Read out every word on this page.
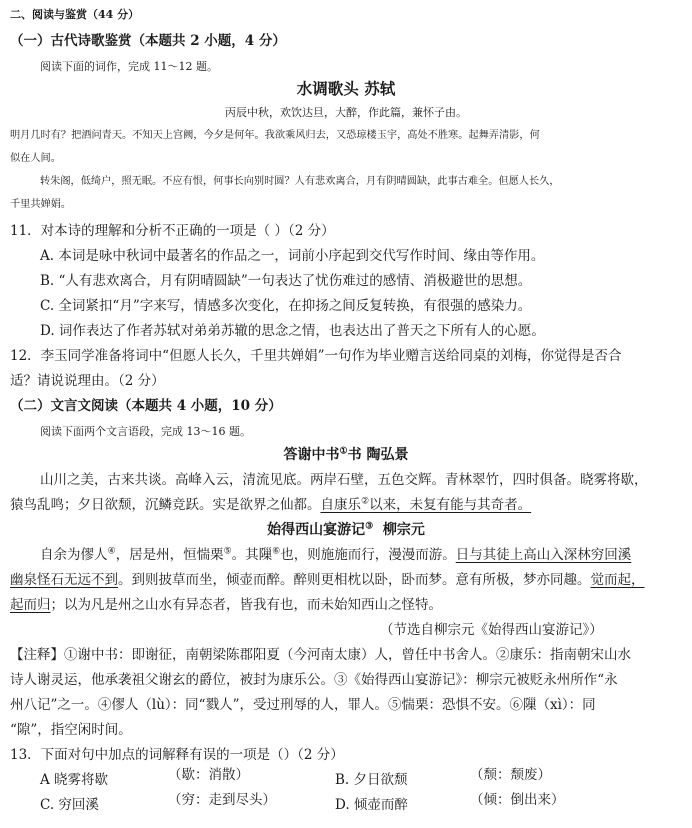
二、阅读与鉴赏（44 分）
（一）古代诗歌鉴赏（本题共 2 小题，4 分）
阅读下面的词作，完成 11～12 题。
水调歌头 苏轼
丙辰中秋，欢饮达旦，大醉，作此篇，兼怀子由。
明月几时有？把酒问青天。不知天上宫阙，今夕是何年。我欲乘风归去，又恐琼楼玉宇，高处不胜寒。起舞弄清影，何
似在人间。
转朱阁，低绮户，照无眠。不应有恨，何事长向别时圆？人有悲欢离合，月有阴晴圆缺，此事古难全。但愿人长久，
千里共婵娟。
11．对本诗的理解和分析不正确的一项是（ ）（2 分）
A. 本词是咏中秋词中最著名的作品之一，词前小序起到交代写作时间、缘由等作用。
B. “人有悲欢离合，月有阴晴圆缺”一句表达了忧伤难过的感情、消极避世的思想。
C. 全词紧扣“月”字来写，情感多次变化，在抑扬之间反复转换，有很强的感染力。
D. 词作表达了作者苏轼对弟弟苏辙的思念之情，也表达出了普天之下所有人的心愿。
12．李玉同学准备将词中“但愿人长久，千里共婵娟”一句作为毕业赠言送给同桌的刘梅，你觉得是否合
适？请说说理由。（2 分）
（二）文言文阅读（本题共 4 小题，10 分）
阅读下面两个文言语段，完成 13～16 题。
答谢中书①书 陶弘景
山川之美，古来共谈。高峰入云，清流见底。两岸石壁，五色交辉。青林翠竹，四时俱备。晓雾将歇，
猿鸟乱鸣；夕日欲颓，沉鳞竞跃。实是欲界之仙都。自康乐②以来，未复有能与其奇者。
始得西山宴游记③ 柳宗元
自余为僇人④，居是州，恒惴栗⑤。其隟⑥也，则施施而行，漫漫而游。日与其徒上高山入深林穷回溪
幽泉怪石无远不到。到则披草而坐，倾壶而醉。醉则更相枕以卧，卧而梦。意有所极，梦亦同趣。觉而起，
起而归；以为凡是州之山水有异态者，皆我有也，而未始知西山之怪特。
（节选自柳宗元《始得西山宴游记》）
【注释】①谢中书：即谢征，南朝梁陈郡阳夏（今河南太康）人，曾任中书舍人。②康乐：指南朝宋山水
诗人谢灵运，他承袭祖父谢玄的爵位，被封为康乐公。③《始得西山宴游记》：柳宗元被贬永州所作“永
州八记”之一。④僇人（lù）：同“戮人”，受过刑辱的人，罪人。⑤惴栗：恐惧不安。⑥隟（xì）：同
“隙”，指空闲时间。
13．下面对句中加点的词解释有误的一项是（）（2 分）
A 晓雾将歇	（歇：消散）	B. 夕日欲颓	（颓：颓废）
C. 穷回溪	（穷：走到尽头）	D. 倾壶而醉	（倾：倒出来）
